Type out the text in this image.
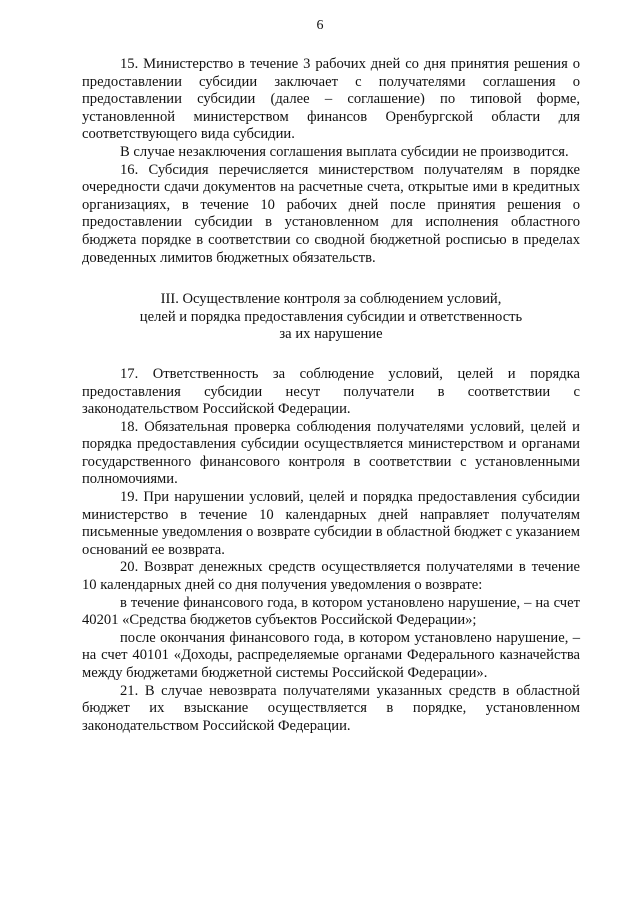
6

15. Министерство в течение 3 рабочих дней со дня принятия решения о предоставлении субсидии заключает с получателями соглашения о предоставлении субсидии (далее – соглашение) по типовой форме, установленной министерством финансов Оренбургской области для соответствующего вида субсидии.

В случае незаключения соглашения выплата субсидии не производится.

16. Субсидия перечисляется министерством получателям в порядке очередности сдачи документов на расчетные счета, открытые ими в кредитных организациях, в течение 10 рабочих дней после принятия решения о предоставлении субсидии в установленном для исполнения областного бюджета порядке в соответствии со сводной бюджетной росписью в пределах доведенных лимитов бюджетных обязательств.

III. Осуществление контроля за соблюдением условий,
целей и порядка предоставления субсидии и ответственность
за их нарушение

17. Ответственность за соблюдение условий, целей и порядка предоставления субсидии несут получатели в соответствии с законодательством Российской Федерации.

18. Обязательная проверка соблюдения получателями условий, целей и порядка предоставления субсидии осуществляется министерством и органами государственного финансового контроля в соответствии с установленными полномочиями.

19. При нарушении условий, целей и порядка предоставления субсидии министерство в течение 10 календарных дней направляет получателям письменные уведомления о возврате субсидии в областной бюджет с указанием оснований ее возврата.

20. Возврат денежных средств осуществляется получателями в течение 10 календарных дней со дня получения уведомления о возврате:

в течение финансового года, в котором установлено нарушение, – на счет 40201 «Средства бюджетов субъектов Российской Федерации»;

после окончания финансового года, в котором установлено нарушение, – на счет 40101 «Доходы, распределяемые органами Федерального казначейства между бюджетами бюджетной системы Российской Федерации».

21. В случае невозврата получателями указанных средств в областной бюджет их взыскание осуществляется в порядке, установленном законодательством Российской Федерации.
